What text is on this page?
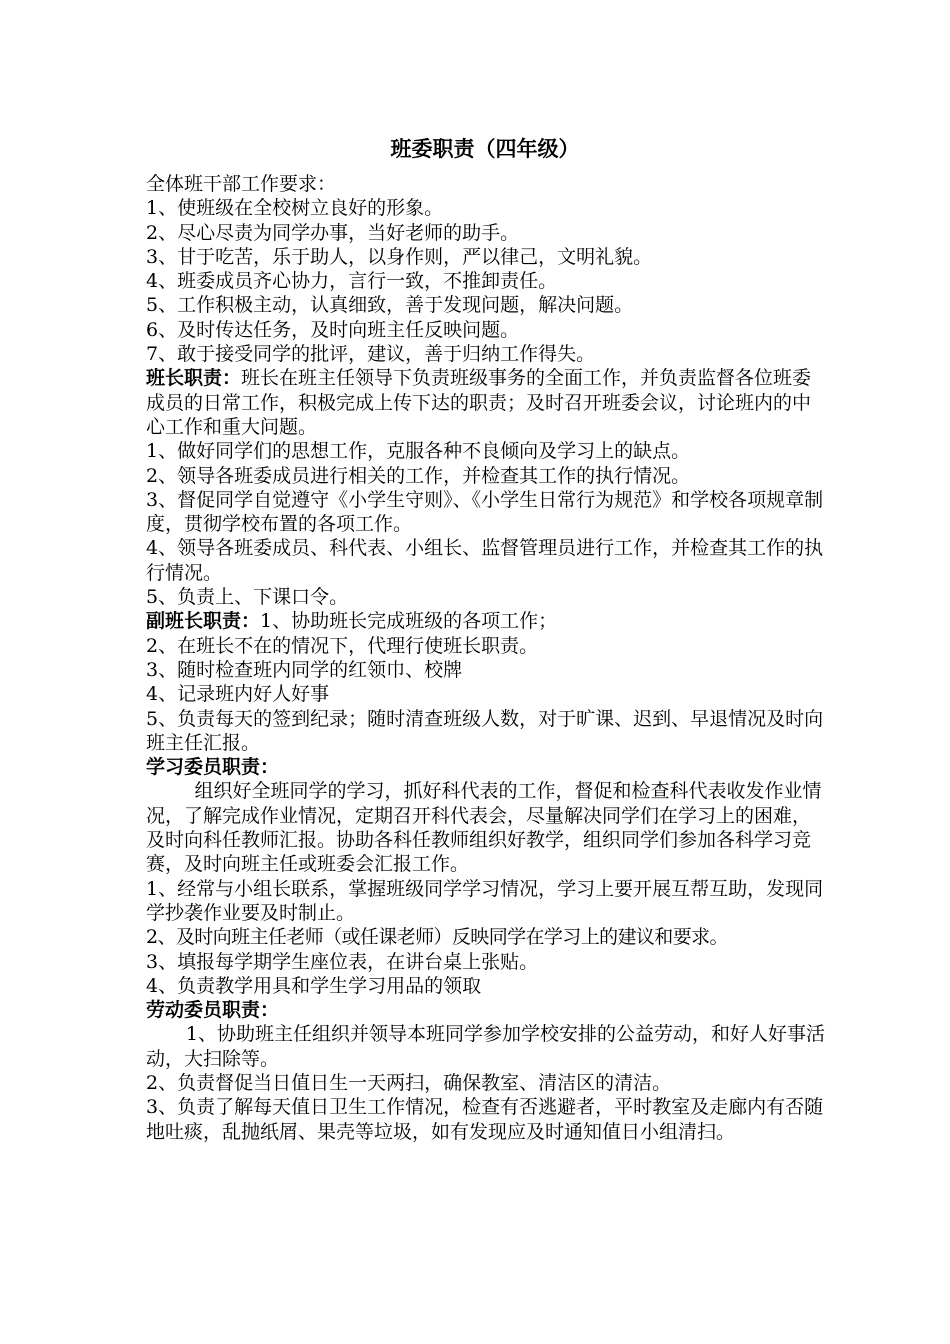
班委职责（四年级）
全体班干部工作要求：
1、使班级在全校树立良好的形象。
2、尽心尽责为同学办事，当好老师的助手。
3、甘于吃苦，乐于助人，以身作则，严以律己，文明礼貌。
4、班委成员齐心协力，言行一致，不推卸责任。
5、工作积极主动，认真细致，善于发现问题，解决问题。
6、及时传达任务，及时向班主任反映问题。
7、敢于接受同学的批评，建议，善于归纳工作得失。
班长职责：班长在班主任领导下负责班级事务的全面工作，并负责监督各位班委成员的日常工作，积极完成上传下达的职责；及时召开班委会议，讨论班内的中心工作和重大问题。
1、做好同学们的思想工作，克服各种不良倾向及学习上的缺点。
2、领导各班委成员进行相关的工作，并检查其工作的执行情况。
3、督促同学自觉遵守《小学生守则》、《小学生日常行为规范》和学校各项规章制度，贯彻学校布置的各项工作。
4、领导各班委成员、科代表、小组长、监督管理员进行工作，并检查其工作的执行情况。
5、负责上、下课口令。
副班长职责：1、协助班长完成班级的各项工作；
2、在班长不在的情况下，代理行使班长职责。
3、随时检查班内同学的红领巾、校牌
4、记录班内好人好事
5、负责每天的签到纪录；随时清查班级人数，对于旷课、迟到、早退情况及时向班主任汇报。
学习委员职责：
组织好全班同学的学习，抓好科代表的工作，督促和检查科代表收发作业情况，了解完成作业情况，定期召开科代表会，尽量解决同学们在学习上的困难，及时向科任教师汇报。协助各科任教师组织好教学，组织同学们参加各科学习竞赛，及时向班主任或班委会汇报工作。
1、经常与小组长联系，掌握班级同学学习情况，学习上要开展互帮互助，发现同学抄袭作业要及时制止。
2、及时向班主任老师（或任课老师）反映同学在学习上的建议和要求。
3、填报每学期学生座位表，在讲台桌上张贴。
4、负责教学用具和学生学习用品的领取
劳动委员职责：
1、协助班主任组织并领导本班同学参加学校安排的公益劳动，和好人好事活动，大扫除等。
2、负责督促当日值日生一天两扫，确保教室、清洁区的清洁。
3、负责了解每天值日卫生工作情况，检查有否逃避者，平时教室及走廊内有否随地吐痰，乱抛纸屑、果壳等垃圾，如有发现应及时通知值日小组清扫。
